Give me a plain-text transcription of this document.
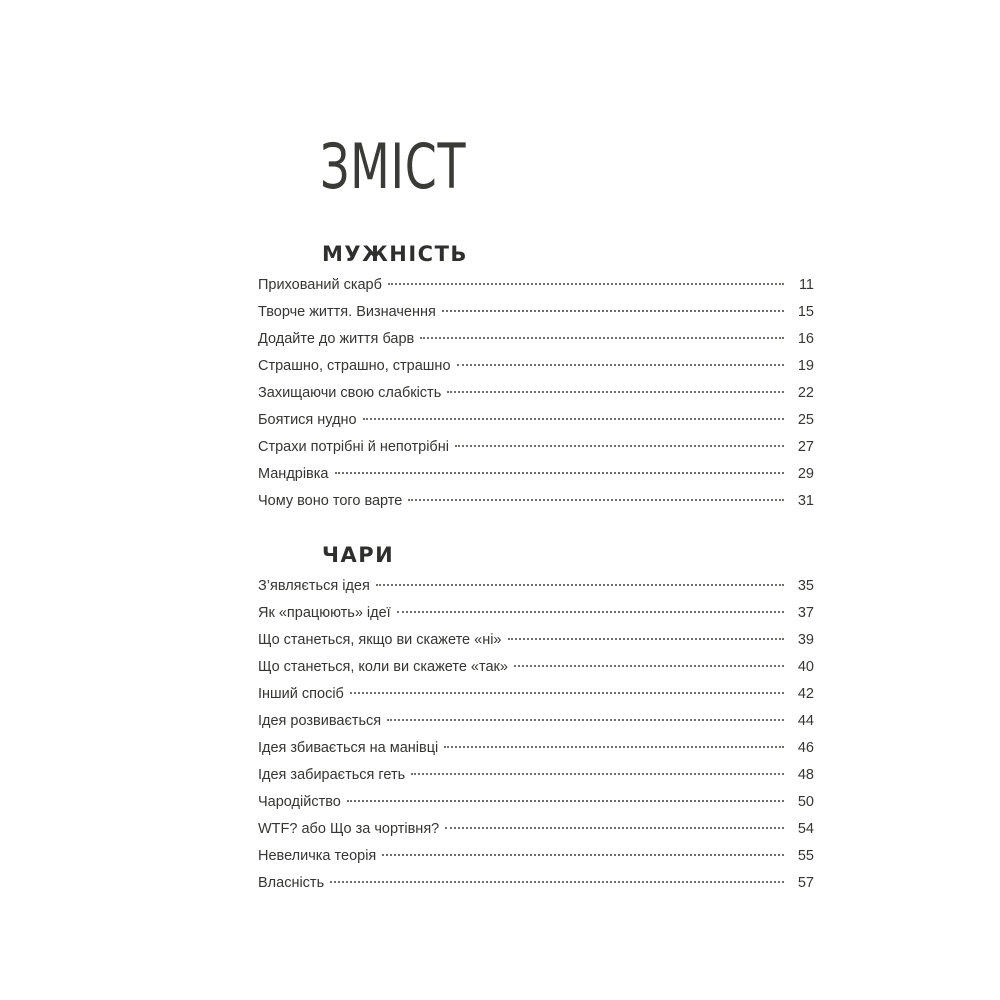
ЗМІСТ
МУЖНІСТЬ
Прихований скарб	11
Творче життя. Визначення	15
Додайте до життя барв	16
Страшно, страшно, страшно	19
Захищаючи свою слабкість	22
Боятися нудно	25
Страхи потрібні й непотрібні	27
Мандрівка	29
Чому воно того варте	31
ЧАРИ
З’являється ідея	35
Як «працюють» ідеї	37
Що станеться, якщо ви скажете «ні»	39
Що станеться, коли ви скажете «так»	40
Інший спосіб	42
Ідея розвивається	44
Ідея збивається на манівці	46
Ідея забирається геть	48
Чародійство	50
WTF? або Що за чортівня?	54
Невеличка теорія	55
Власність	57
